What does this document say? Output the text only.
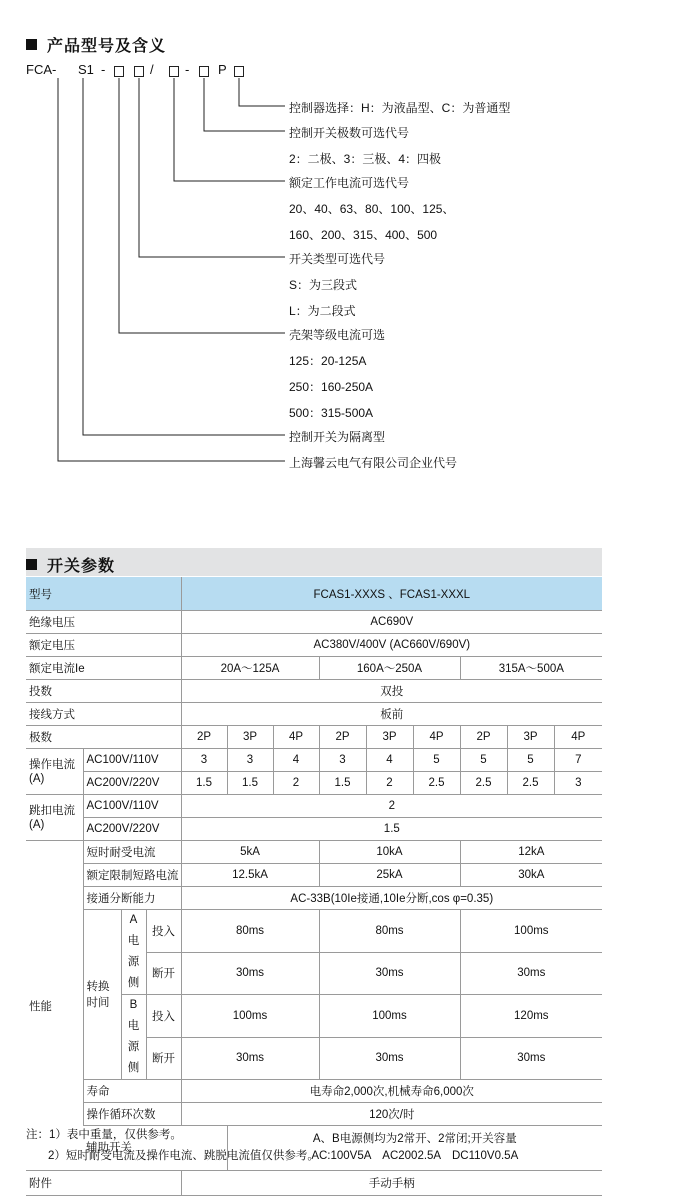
产品型号及含义
FCA- S1 -	/ - P
控制器选择：H：为液晶型、C：为普通型
控制开关极数可选代号
2：二极、3：三极、4：四极
额定工作电流可选代号
20、40、63、80、100、125、
160、200、315、400、500
开关类型可选代号
S：为三段式
L：为二段式
壳架等级电流可选
125：20-125A
250：160-250A
500：315-500A
控制开关为隔离型
上海馨云电气有限公司企业代号
开关参数
型号				FCAS1-XXXS 、FCAS1-XXXL								
绝缘电压				AC690V								
额定电压				AC380V/400V (AC660V/690V)								
额定电流Ie				20A～125A			160A～250A			315A～500A		
投数				双投								
接线方式				板前								
极数				2P	3P	4P	2P	3P	4P	2P	3P	4P
操作电流 (A)	AC100V/110V			3	3	4	3	4	5	5	5	7
	AC200V/220V			1.5	1.5	2	1.5	2	2.5	2.5	2.5	3
跳扣电流 (A)	AC100V/110V			2								
	AC200V/220V			1.5								
性能	短时耐受电流			5kA			10kA			12kA		
	额定限制短路电流			12.5kA			25kA			30kA		
	接通分断能力			AC-33B(10Ie接通,10Ie分断,cos φ=0.35)								
	转换时间	A电源侧	投入	80ms			80ms			100ms		
			断开	30ms			30ms			30ms		
		B电源侧	投入	100ms			100ms			120ms		
			断开	30ms			30ms			30ms		
	寿命			电寿命2,000次,机械寿命6,000次								
	操作循环次数			120次/时								
	辅助开关				A、B电源侧均为2常开、2常闭;开关容量
AC:100V5A　AC2002.5A　DC110V0.5A							

附件				手动手柄								
注：1）表中重量，仅供参考。
2）短时耐受电流及操作电流、跳脱电流值仅供参考。
